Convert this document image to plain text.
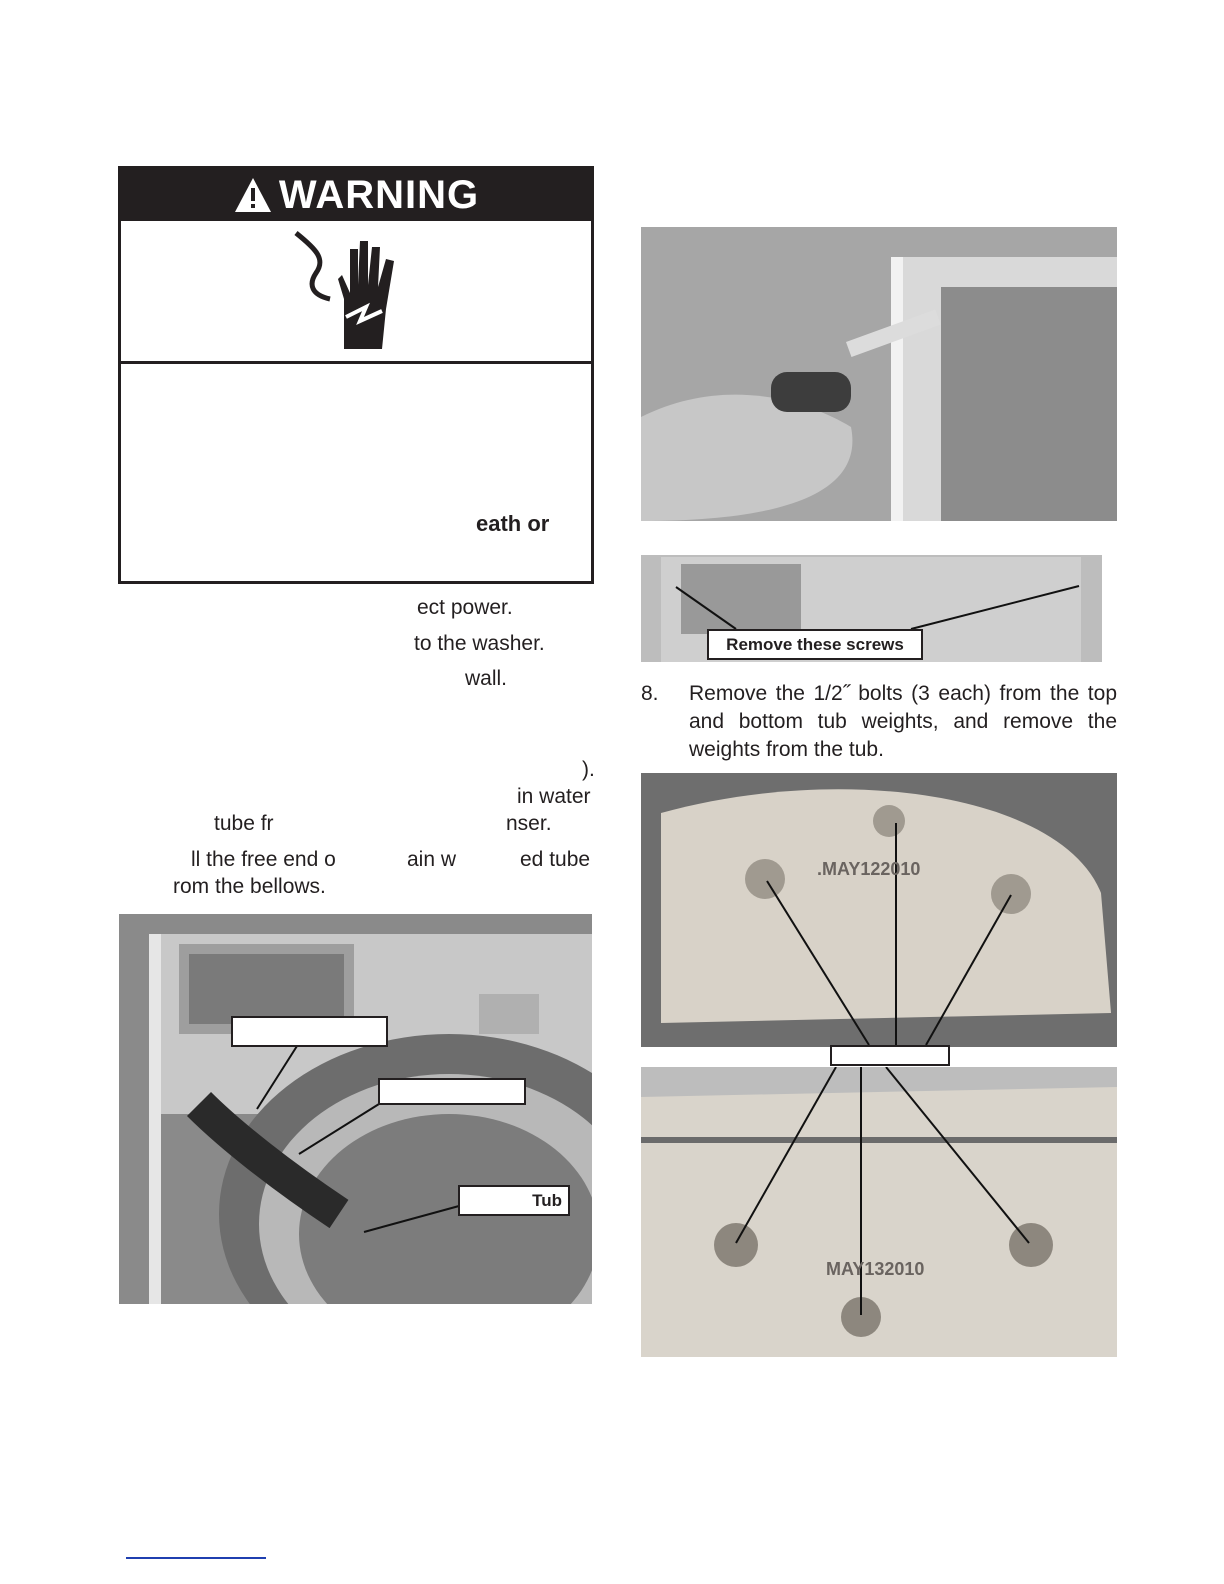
WARNING
eath or
ect power.
to the washer.
wall.
).
in water
tube fr	nser.
ll the free end o	ain w	ed tube
rom the bellows.
Tub
Remove these screws
8. Remove the 1/2˝ bolts (3 each) from the top and bottom tub weights, and remove the weights from the tub.
.MAY122010
MAY132010
